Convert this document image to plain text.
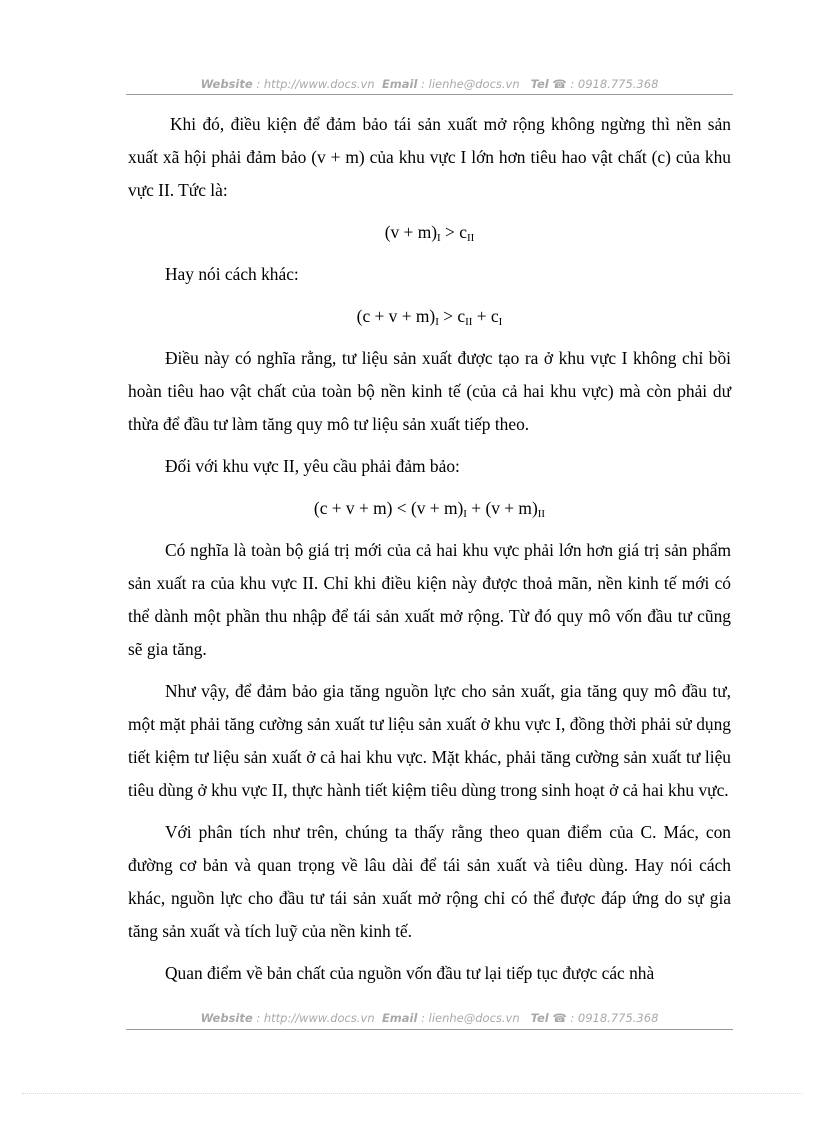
Website : http://www.docs.vn Email : lienhe@docs.vn Tel ☎ : 0918.775.368

Khi đó, điều kiện để đảm bảo tái sản xuất mở rộng không ngừng thì nền sản xuất xã hội phải đảm bảo (v + m) của khu vực I lớn hơn tiêu hao vật chất (c) của khu vực II. Tức là:

$(v + m)_I > c_{II}$

Hay nói cách khác:

$(c + v + m)_I > c_{II} + c_I$

Điều này có nghĩa rằng, tư liệu sản xuất được tạo ra ở khu vực I không chỉ bồi hoàn tiêu hao vật chất của toàn bộ nền kinh tế (của cả hai khu vực) mà còn phải dư thừa để đầu tư làm tăng quy mô tư liệu sản xuất tiếp theo.

Đối với khu vực II, yêu cầu phải đảm bảo:

$(c + v + m) < (v + m)_I + (v + m)_{II}$

Có nghĩa là toàn bộ giá trị mới của cả hai khu vực phải lớn hơn giá trị sản phẩm sản xuất ra của khu vực II. Chỉ khi điều kiện này được thoả mãn, nền kinh tế mới có thể dành một phần thu nhập để tái sản xuất mở rộng. Từ đó quy mô vốn đầu tư cũng sẽ gia tăng.

Như vậy, để đảm bảo gia tăng nguồn lực cho sản xuất, gia tăng quy mô đầu tư, một mặt phải tăng cường sản xuất tư liệu sản xuất ở khu vực I, đồng thời phải sử dụng tiết kiệm tư liệu sản xuất ở cả hai khu vực. Mặt khác, phải tăng cường sản xuất tư liệu tiêu dùng ở khu vực II, thực hành tiết kiệm tiêu dùng trong sinh hoạt ở cả hai khu vực.

Với phân tích như trên, chúng ta thấy rằng theo quan điểm của C. Mác, con đường cơ bản và quan trọng về lâu dài để tái sản xuất và tiêu dùng. Hay nói cách khác, nguồn lực cho đầu tư tái sản xuất mở rộng chỉ có thể được đáp ứng do sự gia tăng sản xuất và tích luỹ của nền kinh tế.

Quan điểm về bản chất của nguồn vốn đầu tư lại tiếp tục được các nhà

Website : http://www.docs.vn Email : lienhe@docs.vn Tel ☎ : 0918.775.368
